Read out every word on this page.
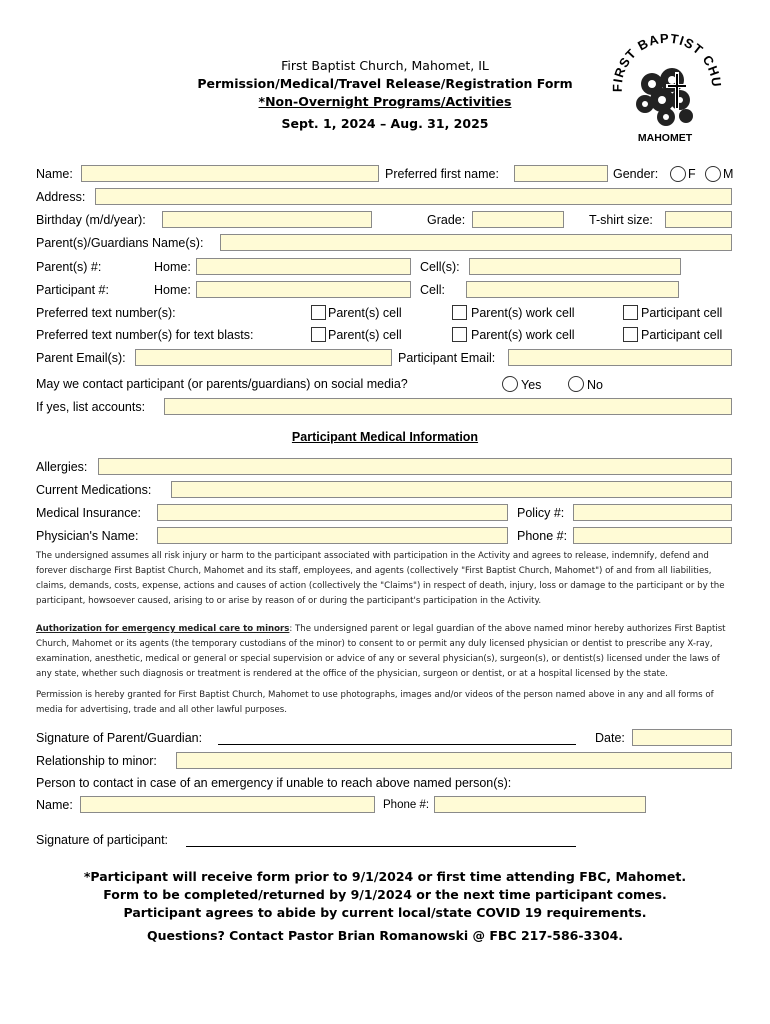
First Baptist Church, Mahomet, IL
Permission/Medical/Travel Release/Registration Form
*Non-Overnight Programs/Activities
Sept. 1, 2024 – Aug. 31, 2025
FIRST BAPTIST CHU
MAHOMET
Name:	Preferred first name:	Gender: F M
Address:
Birthday (m/d/year):	Grade:	T-shirt size:
Parent(s)/Guardians Name(s):
Parent(s) #:	Home:	Cell(s):
Participant #:	Home:	Cell:
Preferred text number(s):	Parent(s) cell	Parent(s) work cell	Participant cell
Preferred text number(s) for text blasts:	Parent(s) cell	Parent(s) work cell	Participant cell
Parent Email(s):	Participant Email:
May we contact participant (or parents/guardians) on social media?	Yes	No
If yes, list accounts:
Participant Medical Information
Allergies:
Current Medications:
Medical Insurance:	Policy #:
Physician's Name:	Phone #:
The undersigned assumes all risk injury or harm to the participant associated with participation in the Activity and agrees to release, indemnify, defend and forever discharge First Baptist Church, Mahomet and its staff, employees, and agents (collectively "First Baptist Church, Mahomet") of and from all liabilities, claims, demands, costs, expense, actions and causes of action (collectively the "Claims") in respect of death, injury, loss or damage to the participant or by the participant, howsoever caused, arising to or arise by reason of or during the participant's participation in the Activity.
Authorization for emergency medical care to minors: The undersigned parent or legal guardian of the above named minor hereby authorizes First Baptist Church, Mahomet or its agents (the temporary custodians of the minor) to consent to or permit any duly licensed physician or dentist to prescribe any X-ray, examination, anesthetic, medical or general or special supervision or advice of any or several physician(s), surgeon(s), or dentist(s) licensed under the laws of any state, whether such diagnosis or treatment is rendered at the office of the physician, surgeon or dentist, or at a hospital licensed by the state.
Permission is hereby granted for First Baptist Church, Mahomet to use photographs, images and/or videos of the person named above in any and all forms of media for advertising, trade and all other lawful purposes.
Signature of Parent/Guardian:	Date:
Relationship to minor:
Person to contact in case of an emergency if unable to reach above named person(s):
Name:	Phone #:
Signature of participant:
*Participant will receive form prior to 9/1/2024 or first time attending FBC, Mahomet.
Form to be completed/returned by 9/1/2024 or the next time participant comes.
Participant agrees to abide by current local/state COVID 19 requirements.
Questions? Contact Pastor Brian Romanowski @ FBC 217-586-3304.
